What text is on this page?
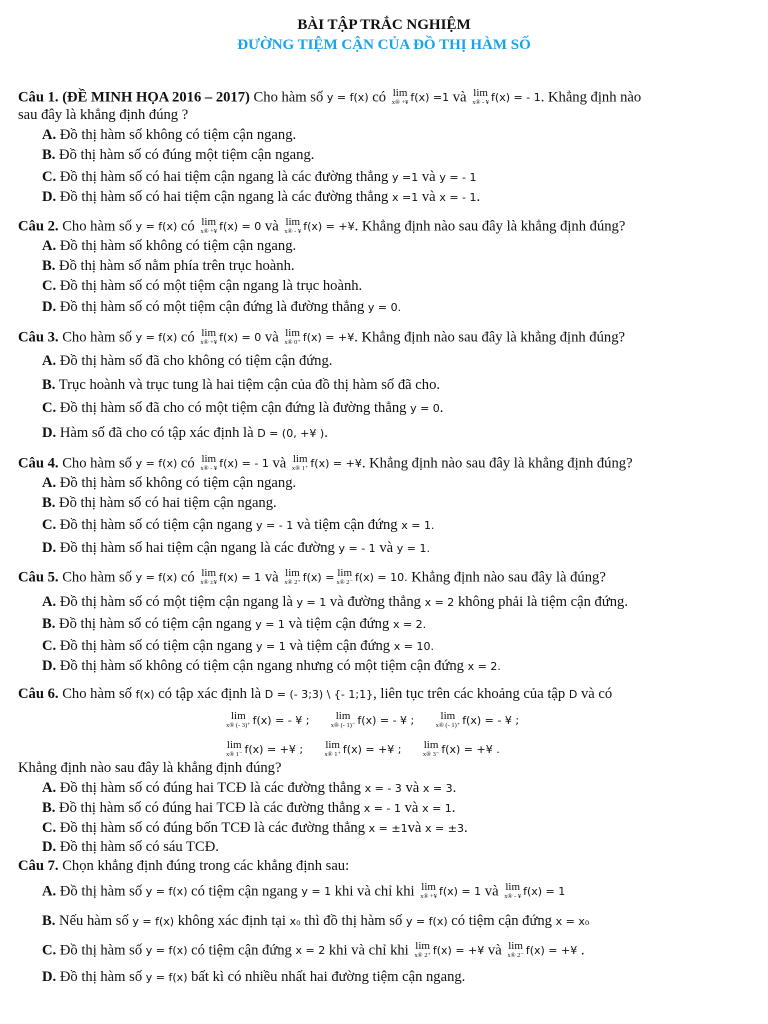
BÀI TẬP TRẮC NGHIỆM
ĐƯỜNG TIỆM CẬN CỦA ĐỒ THỊ HÀM SỐ
Câu 1. (ĐỀ MINH HỌA 2016 – 2017) Cho hàm số y = f(x) có lim
x® +¥ f(x) =1 và lim
x® - ¥ f(x) = - 1. Khẳng định nào
sau đây là khẳng định đúng ?
A. Đồ thị hàm số không có tiệm cận ngang.
B. Đồ thị hàm số có đúng một tiệm cận ngang.
C. Đồ thị hàm số có hai tiệm cận ngang là các đường thẳng y =1 và y = - 1
D. Đồ thị hàm số có hai tiệm cận ngang là các đường thẳng x =1 và x = - 1.
Câu 2. Cho hàm số y = f(x) có lim
x® +¥ f(x) = 0 và lim
x® - ¥ f(x) = +¥. Khẳng định nào sau đây là khẳng định đúng?
A. Đồ thị hàm số không có tiệm cận ngang.
B. Đồ thị hàm số nằm phía trên trục hoành.
C. Đồ thị hàm số có một tiệm cận ngang là trục hoành.
D. Đồ thị hàm số có một tiệm cận đứng là đường thẳng y = 0.
Câu 3. Cho hàm số y = f(x) có lim
x® +¥ f(x) = 0 và lim
x® 0⁺ f(x) = +¥. Khẳng định nào sau đây là khẳng định đúng?
A. Đồ thị hàm số đã cho không có tiệm cận đứng.
B. Trục hoành và trục tung là hai tiệm cận của đồ thị hàm số đã cho.
C. Đồ thị hàm số đã cho có một tiệm cận đứng là đường thẳng y = 0.
D. Hàm số đã cho có tập xác định là D = (0, +¥ ).
Câu 4. Cho hàm số y = f(x) có lim
x® - ¥ f(x) = - 1 và lim
x® 1⁺ f(x) = +¥. Khẳng định nào sau đây là khẳng định đúng?
A. Đồ thị hàm số không có tiệm cận ngang.
B. Đồ thị hàm số có hai tiệm cận ngang.
C. Đồ thị hàm số có tiệm cận ngang y = - 1 và tiệm cận đứng x = 1.
D. Đồ thị hàm số hai tiệm cận ngang là các đường y = - 1 và y = 1.
Câu 5. Cho hàm số y = f(x) có lim
x® ±¥ f(x) = 1 và lim
x® 2⁺ f(x) = lim
x® 2⁻ f(x) = 10. Khẳng định nào sau đây là đúng?
A. Đồ thị hàm số có một tiệm cận ngang là y = 1 và đường thẳng x = 2 không phải là tiệm cận đứng.
B. Đồ thị hàm số có tiệm cận ngang y = 1 và tiệm cận đứng x = 2.
C. Đồ thị hàm số có tiệm cận ngang y = 1 và tiệm cận đứng x = 10.
D. Đồ thị hàm số không có tiệm cận ngang nhưng có một tiệm cận đứng x = 2.
Câu 6. Cho hàm số f(x) có tập xác định là D = (- 3;3) \ {- 1;1}, liên tục trên các khoảng của tập D và có
lim
x® (- 3)⁺ f(x) = - ¥ ;
lim
x® (- 1)⁻ f(x) = - ¥ ;
lim
x® (- 1)⁺ f(x) = - ¥ ;
lim
x® 1⁻ f(x) = +¥ ;
lim
x® 1⁺ f(x) = +¥ ;
lim
x® 3⁻ f(x) = +¥ .
Khẳng định nào sau đây là khẳng định đúng?
A. Đồ thị hàm số có đúng hai TCĐ là các đường thẳng x = - 3 và x = 3.
B. Đồ thị hàm số có đúng hai TCĐ là các đường thẳng x = - 1 và x = 1.
C. Đồ thị hàm số có đúng bốn TCĐ là các đường thẳng x = ±1và x = ±3.
D. Đồ thị hàm số có sáu TCĐ.
Câu 7. Chọn khẳng định đúng trong các khẳng định sau:
A. Đồ thị hàm số y = f(x) có tiệm cận ngang y = 1 khi và chỉ khi lim
x® +¥ f(x) = 1 và lim
x® - ¥ f(x) = 1
B. Nếu hàm số y = f(x) không xác định tại x₀ thì đồ thị hàm số y = f(x) có tiệm cận đứng x = x₀
C. Đồ thị hàm số y = f(x) có tiệm cận đứng x = 2 khi và chỉ khi lim
x® 2⁺ f(x) = +¥ và lim
x® 2⁻ f(x) = +¥ .
D. Đồ thị hàm số y = f(x) bất kì có nhiều nhất hai đường tiệm cận ngang.
